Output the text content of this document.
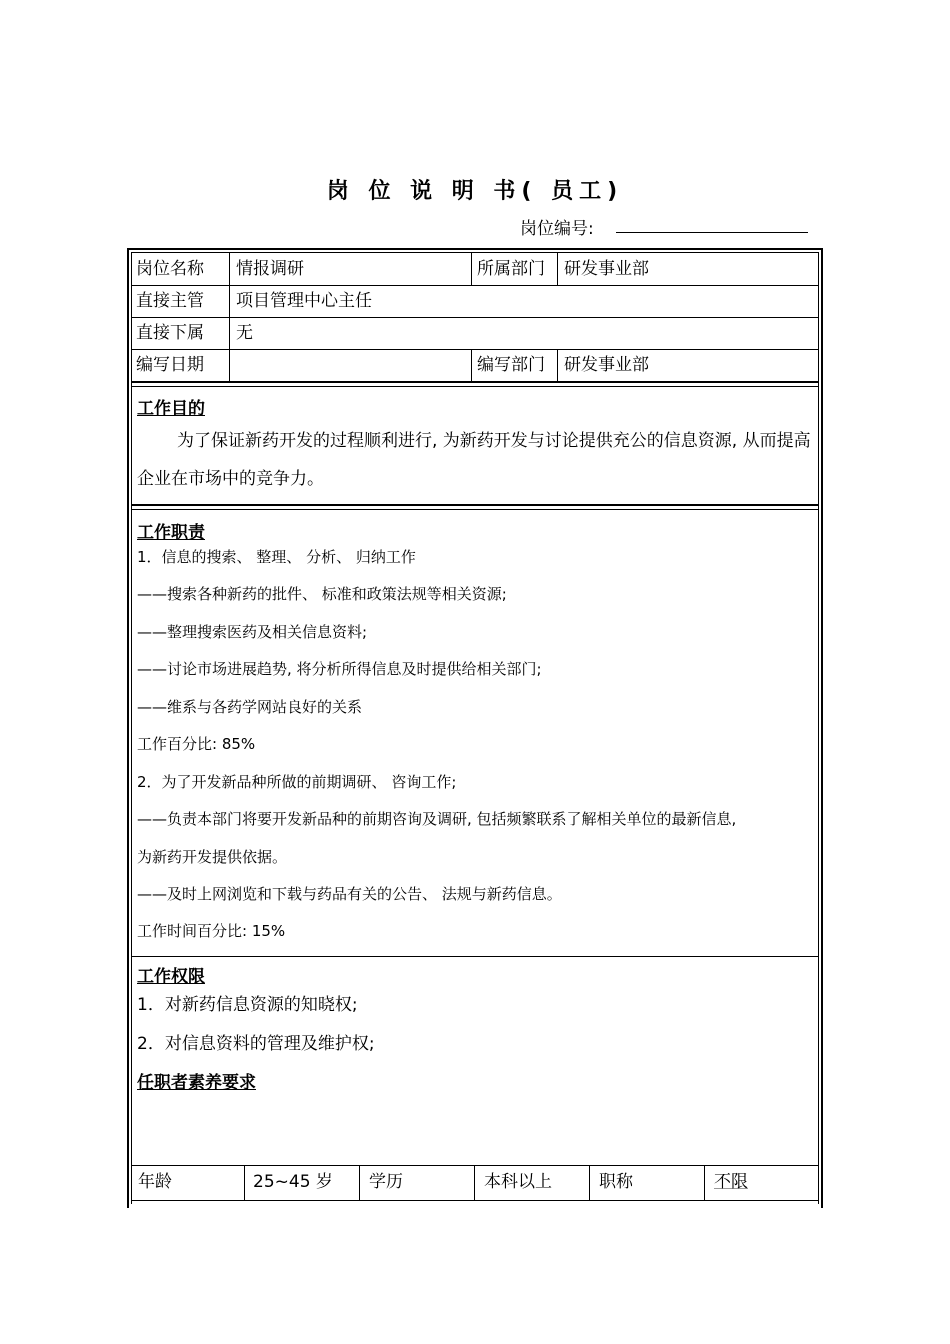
岗 位 说 明 书( 员工)
岗位编号:
岗位名称 情报调研	所属部门 研发事业部
直接主管 项目管理中心主任
直接下属 无
编写日期	编写部门 研发事业部
工作目的
为了保证新药开发的过程顺利进行, 为新药开发与讨论提供充公的信息资源, 从而提高企业在市场中的竞争力。
工作职责
1．信息的搜索、 整理、 分析、 归纳工作
——搜索各种新药的批件、 标准和政策法规等相关资源;
——整理搜索医药及相关信息资料;
——讨论市场进展趋势, 将分析所得信息及时提供给相关部门;
——维系与各药学网站良好的关系
工作百分比: 85%
2．为了开发新品种所做的前期调研、 咨询工作;
——负责本部门将要开发新品种的前期咨询及调研, 包括频繁联系了解相关单位的最新信息,
为新药开发提供依据。
——及时上网浏览和下载与药品有关的公告、 法规与新药信息。
工作时间百分比: 15%
工作权限
1．对新药信息资源的知晓权;
2．对信息资料的管理及维护权;
任职者素养要求
年龄	25~45 岁 学历	本科以上	职称	不限
